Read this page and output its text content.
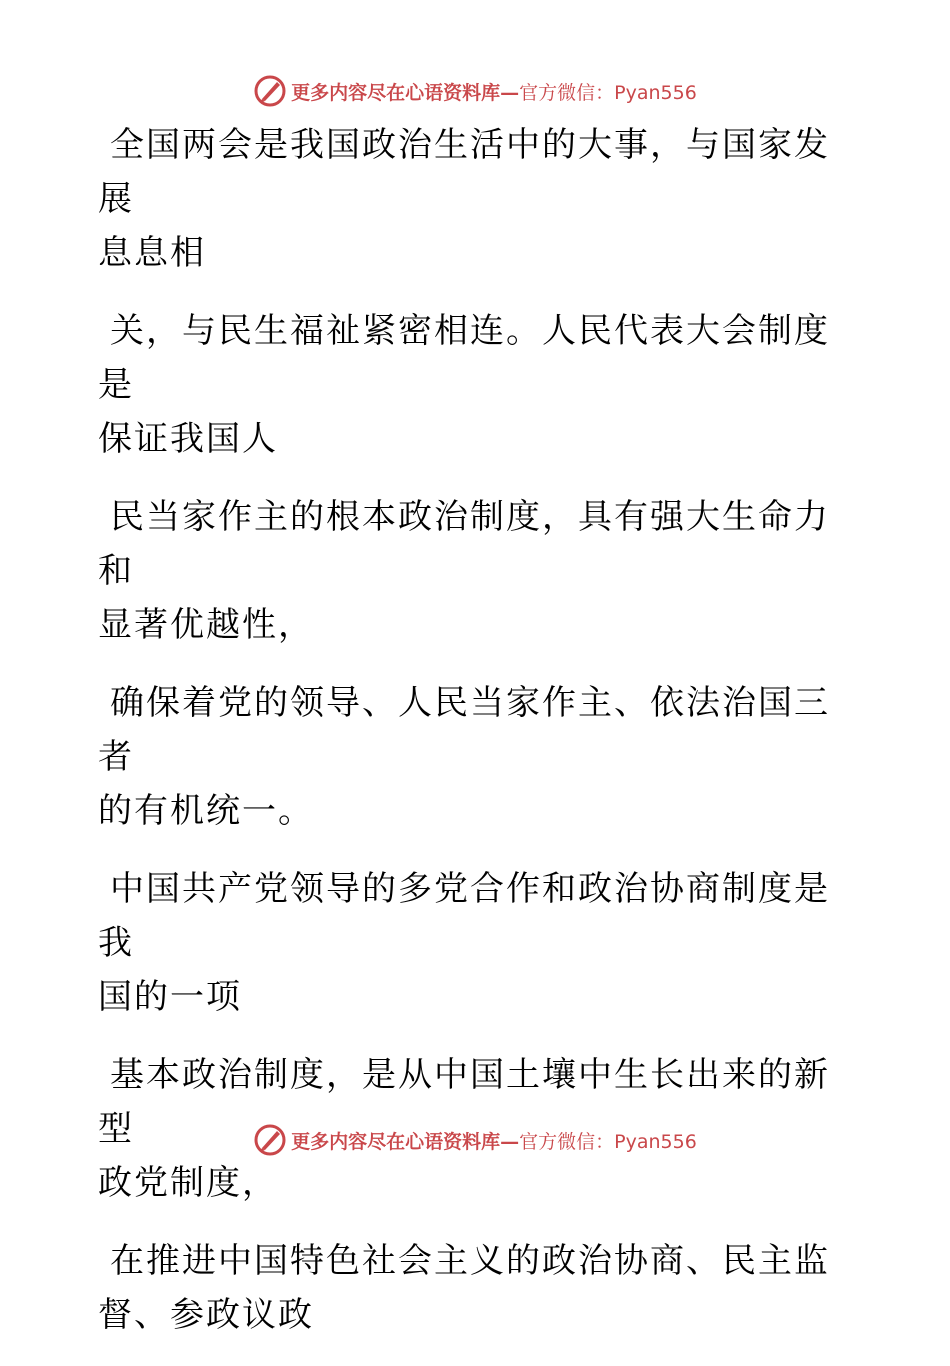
更多内容尽在心语资料库— 官方微信：Pyan556

全国两会是我国政治生活中的大事，与国家发展
息息相

关，与民生福祉紧密相连。人民代表大会制度是
保证我国人

民当家作主的根本政治制度，具有强大生命力和
显著优越性，

确保着党的领导、人民当家作主、依法治国三者
的有机统一。

中国共产党领导的多党合作和政治协商制度是我
国的一项

基本政治制度，是从中国土壤中生长出来的新型
政党制度，

在推进中国特色社会主义的政治协商、民主监
督、参政议政

更多内容尽在心语资料库— 官方微信：Pyan556
